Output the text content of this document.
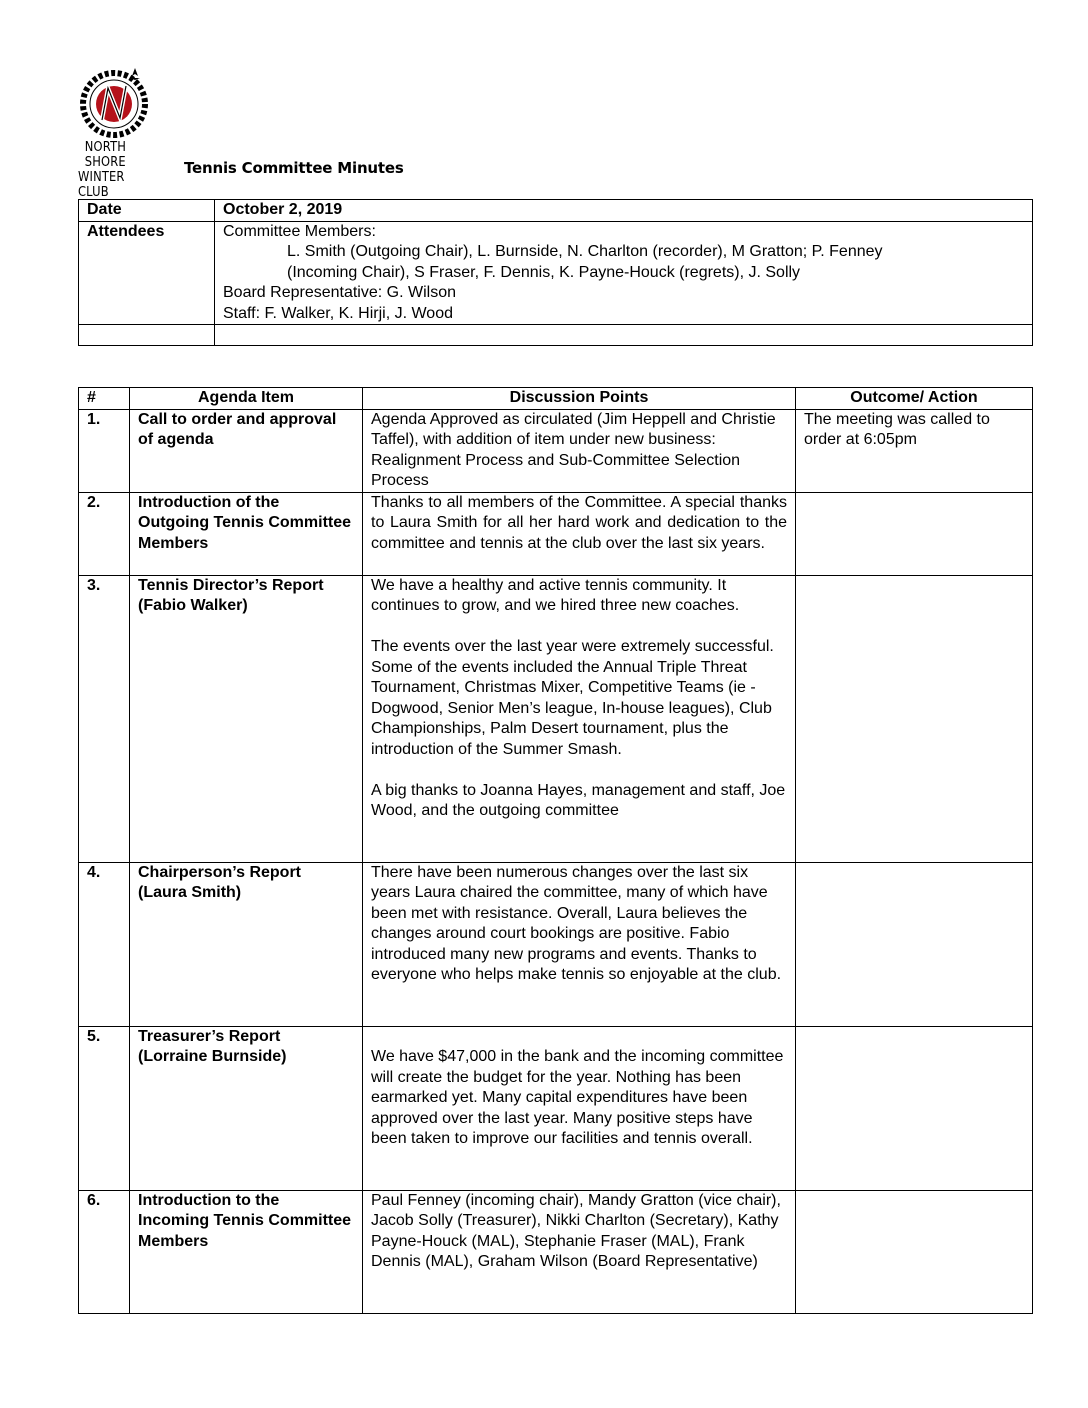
NORTH SHORE
WINTER CLUB
Tennis Committee Minutes
Date	October 2, 2019
Attendees	Committee Members:
L. Smith (Outgoing Chair), L. Burnside, N. Charlton (recorder), M Gratton; P. Fenney
(Incoming Chair), S Fraser, F. Dennis, K. Payne-Houck (regrets), J. Solly
Board Representative: G. Wilson
Staff: F. Walker, K. Hirji, J. Wood

#	Agenda Item	Discussion Points	Outcome/ Action
1.	Call to order and approval of agenda	Agenda Approved as circulated (Jim Heppell and Christie Taffel), with addition of item under new business: Realignment Process and Sub-Committee Selection Process	The meeting was called to order at 6:05pm
2.	Introduction of the Outgoing Tennis Committee Members	Thanks to all members of the Committee. A special thanks to Laura Smith for all her hard work and dedication to the committee and tennis at the club over the last six years.	

3.	Tennis Director’s Report (Fabio Walker)	We have a healthy and active tennis community. It continues to grow, and we hired three new coaches.

The events over the last year were extremely successful. Some of the events included the Annual Triple Threat Tournament, Christmas Mixer, Competitive Teams (ie - Dogwood, Senior Men’s league, In-house leagues), Club Championships, Palm Desert tournament, plus the introduction of the Summer Smash.

A big thanks to Joanna Hayes, management and staff, Joe Wood, and the outgoing committee	

4.	Chairperson’s Report (Laura Smith)	There have been numerous changes over the last six years Laura chaired the committee, many of which have been met with resistance. Overall, Laura believes the changes around court bookings are positive. Fabio introduced many new programs and events. Thanks to everyone who helps make tennis so enjoyable at the club.	

5.	Treasurer’s Report (Lorraine Burnside)	We have $47,000 in the bank and the incoming committee will create the budget for the year. Nothing has been earmarked yet. Many capital expenditures have been approved over the last year. Many positive steps have been taken to improve our facilities and tennis overall.	

6.	Introduction to the Incoming Tennis Committee Members	Paul Fenney (incoming chair), Mandy Gratton (vice chair), Jacob Solly (Treasurer), Nikki Charlton (Secretary), Kathy Payne-Houck (MAL), Stephanie Fraser (MAL), Frank Dennis (MAL), Graham Wilson (Board Representative)	
